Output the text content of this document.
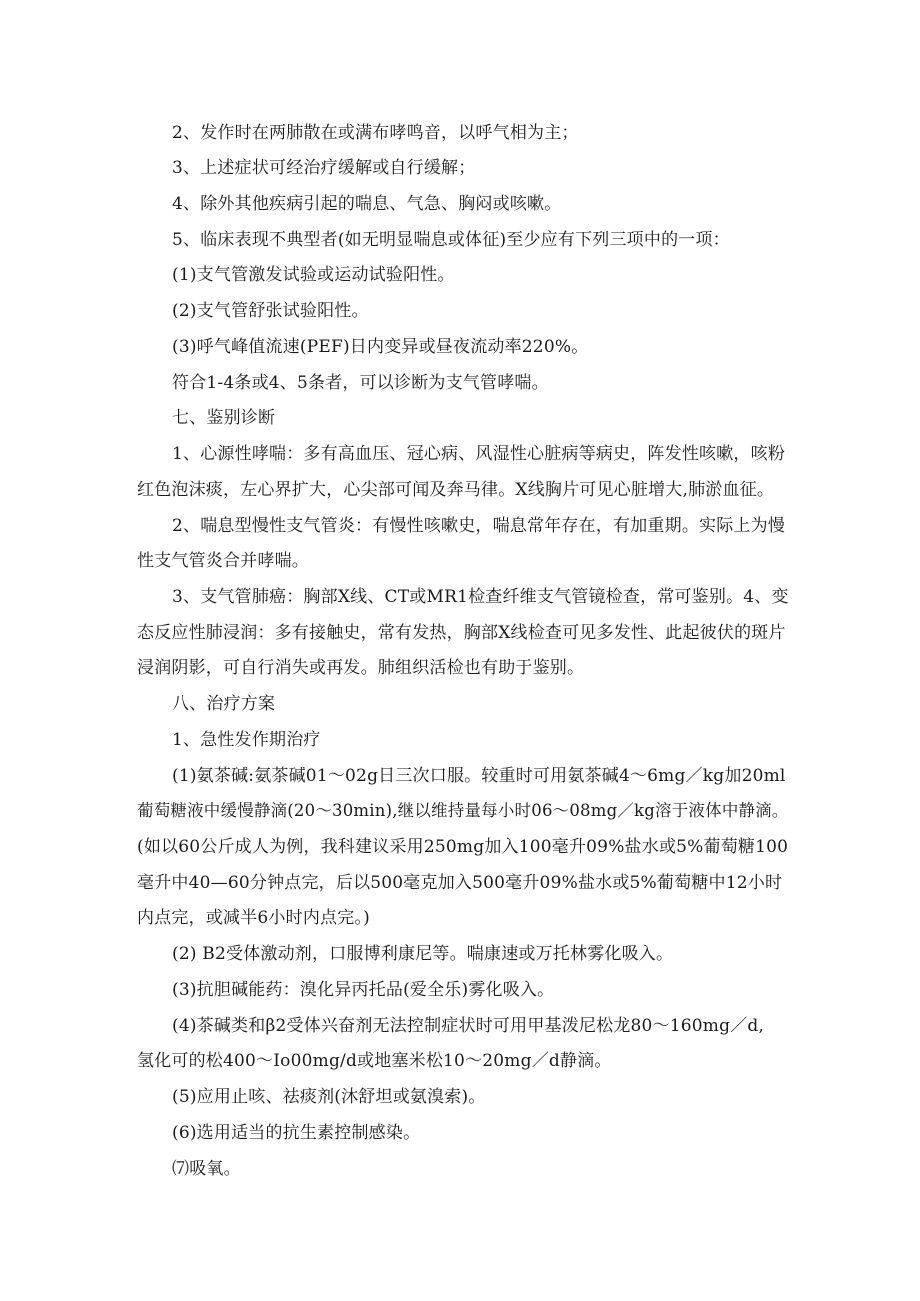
2、发作时在两肺散在或满布哮鸣音，以呼气相为主；
3、上述症状可经治疗缓解或自行缓解；
4、除外其他疾病引起的喘息、气急、胸闷或咳嗽。
5、临床表现不典型者(如无明显喘息或体征)至少应有下列三项中的一项：
(1)支气管激发试验或运动试验阳性。
(2)支气管舒张试验阳性。
(3)呼气峰值流速(PEF)日内变异或昼夜流动率220%。
符合1-4条或4、5条者，可以诊断为支气管哮喘。
七、鉴别诊断
1、心源性哮喘：多有高血压、冠心病、风湿性心脏病等病史，阵发性咳嗽，咳粉
红色泡沫痰，左心界扩大，心尖部可闻及奔马律。X线胸片可见心脏增大,肺淤血征。
2、喘息型慢性支气管炎：有慢性咳嗽史，喘息常年存在，有加重期。实际上为慢
性支气管炎合并哮喘。
3、支气管肺癌：胸部X线、CT或MR1检查纤维支气管镜检查，常可鉴别。4、变
态反应性肺浸润：多有接触史，常有发热，胸部X线检查可见多发性、此起彼伏的斑片
浸润阴影，可自行消失或再发。肺组织活检也有助于鉴别。
八、治疗方案
1、急性发作期治疗
(1)氨茶碱:氨茶碱01～02g日三次口服。较重时可用氨茶碱4～6mg／kg加20ml
葡萄糖液中缓慢静滴(20～30min),继以维持量每小时06～08mg／kg溶于液体中静滴。
(如以60公斤成人为例，我科建议采用250mg加入100毫升09%盐水或5%葡萄糖100
毫升中40—60分钟点完，后以500毫克加入500毫升09%盐水或5%葡萄糖中12小时
内点完，或减半6小时内点完。)
(2) B2受体激动剂，口服博利康尼等。喘康速或万托林雾化吸入。
(3)抗胆碱能药：溴化异丙托品(爱全乐)雾化吸入。
(4)茶碱类和β2受体兴奋剂无法控制症状时可用甲基泼尼松龙80～160mg／d,
氢化可的松400～Io00mg/d或地塞米松10～20mg／d静滴。
(5)应用止咳、祛痰剂(沐舒坦或氨溴索)。
(6)选用适当的抗生素控制感染。
⑺吸氧。
